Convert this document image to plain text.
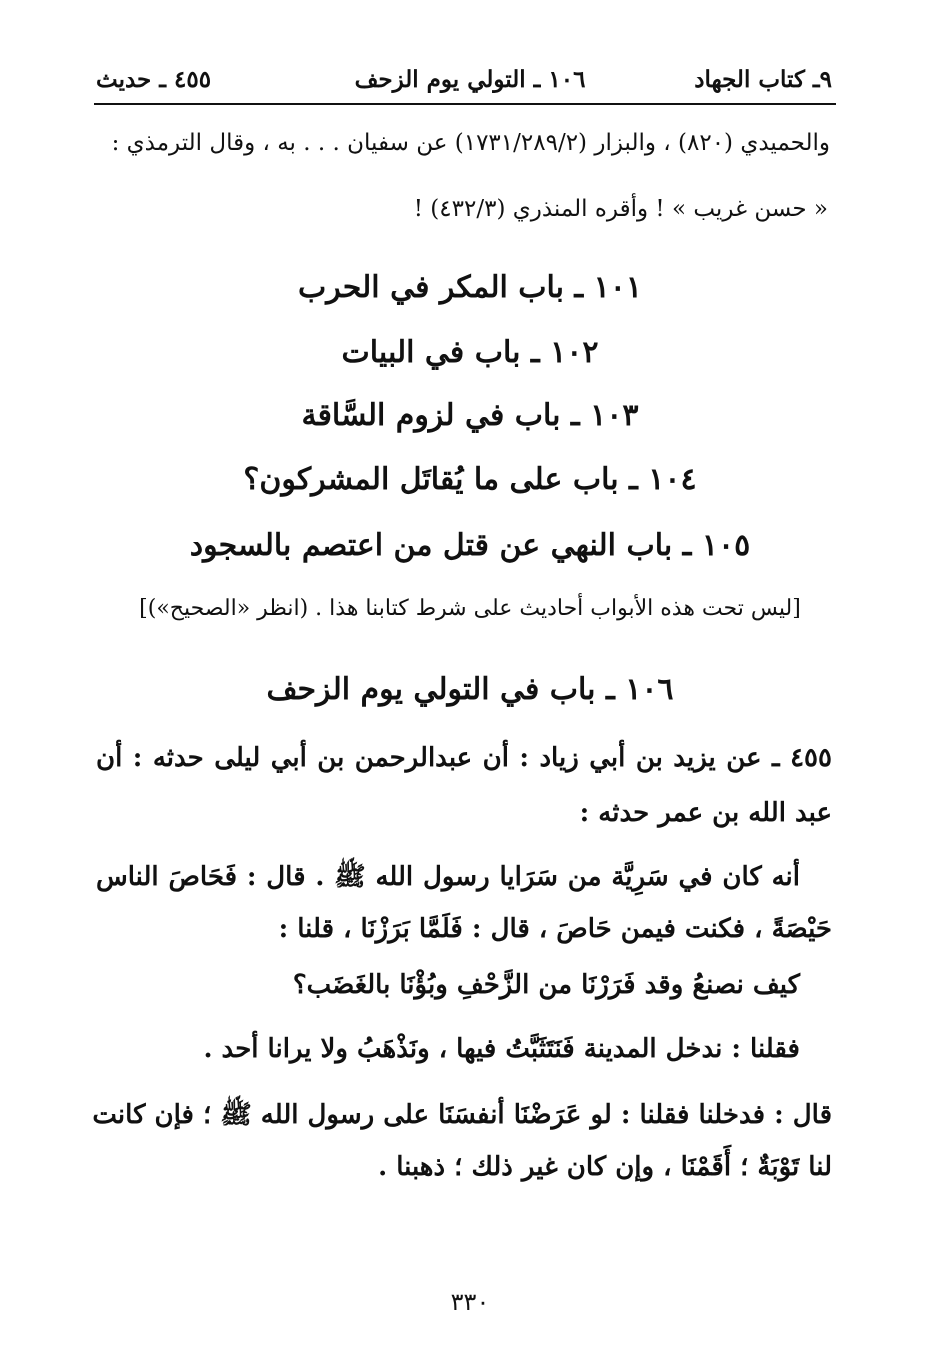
٩ـ كتاب الجهاد
١٠٦ ـ التولي يوم الزحف
٤٥٥ ـ حديث
والحميدي (٨٢٠) ، والبزار (١٧٣١/٢٨٩/٢) عن سفيان . . . به ، وقال الترمذي :
« حسن غريب » ! وأقره المنذري (٤٣٢/٣) !
١٠١ ـ باب المكر في الحرب
١٠٢ ـ باب في البيات
١٠٣ ـ باب في لزوم السَّاقة
١٠٤ ـ باب على ما يُقاتَل المشركون؟
١٠٥ ـ باب النهي عن قتل من اعتصم بالسجود
[ليس تحت هذه الأبواب أحاديث على شرط كتابنا هذا . (انظر «الصحيح»)]
١٠٦ ـ باب في التولي يوم الزحف
٤٥٥ ـ عن يزيد بن أبي زياد : أن عبدالرحمن بن أبي ليلى حدثه : أن
عبد الله بن عمر حدثه :
أنه كان في سَرِيَّة من سَرَايا رسول الله ﷺ . قال : فَحَاصَ الناس
حَيْصَةً ، فكنت فيمن حَاصَ ، قال : فَلَمَّا بَرَزْنَا ، قلنا :
كيف نصنعُ وقد فَرَرْنَا من الزَّحْفِ وبُؤْنَا بالغَضَب؟
فقلنا : ندخل المدينة فَنَتَثَبَّتُ فيها ، ونَذْهَبُ ولا يرانا أحد .
قال : فدخلنا فقلنا : لو عَرَضْنَا أنفسَنَا على رسول الله ﷺ ؛ فإن كانت
لنا تَوْبَةٌ ؛ أَقَمْنَا ، وإن كان غير ذلك ؛ ذهبنا .
٣٣٠
